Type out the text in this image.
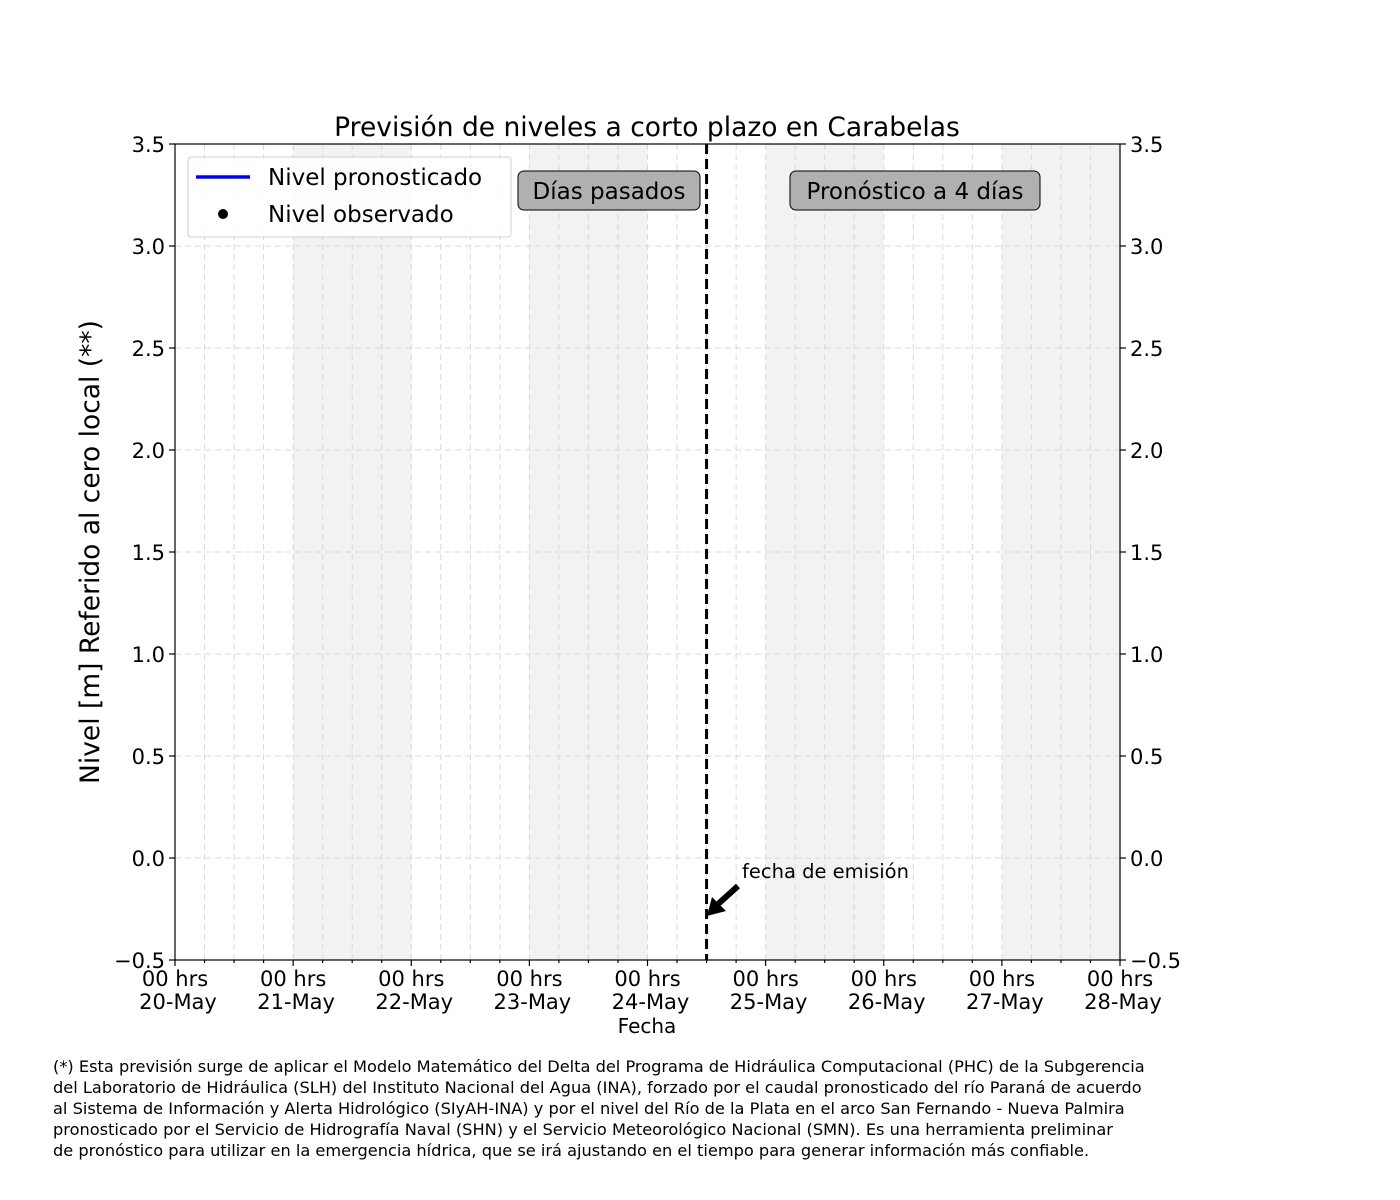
−0.5	−0.5
0.0	0.0
0.5	0.5
1.0	1.0
1.5	1.5
2.0	2.0
2.5	2.5
3.0	3.0
3.5	3.5
00 hrs
20-May
00 hrs
21-May
00 hrs
22-May
00 hrs
23-May
00 hrs
24-May
00 hrs
25-May
00 hrs
26-May
00 hrs
27-May
00 hrs
28-May
Previsión de niveles a corto plazo en Carabelas
Fecha
Nivel [m] Referido al cero local (**)
Nivel pronosticado
Nivel observado
Días pasados	Pronóstico a 4 días
fecha de emisión
(*) Esta previsión surge de aplicar el Modelo Matemático del Delta del Programa de Hidráulica Computacional (PHC) de la Subgerencia
del Laboratorio de Hidráulica (SLH) del Instituto Nacional del Agua (INA), forzado por el caudal pronosticado del río Paraná de acuerdo
al Sistema de Información y Alerta Hidrológico (SIyAH-INA) y por el nivel del Río de la Plata en el arco San Fernando - Nueva Palmira
pronosticado por el Servicio de Hidrografía Naval (SHN) y el Servicio Meteorológico Nacional (SMN). Es una herramienta preliminar
de pronóstico para utilizar en la emergencia hídrica, que se irá ajustando en el tiempo para generar información más confiable.
